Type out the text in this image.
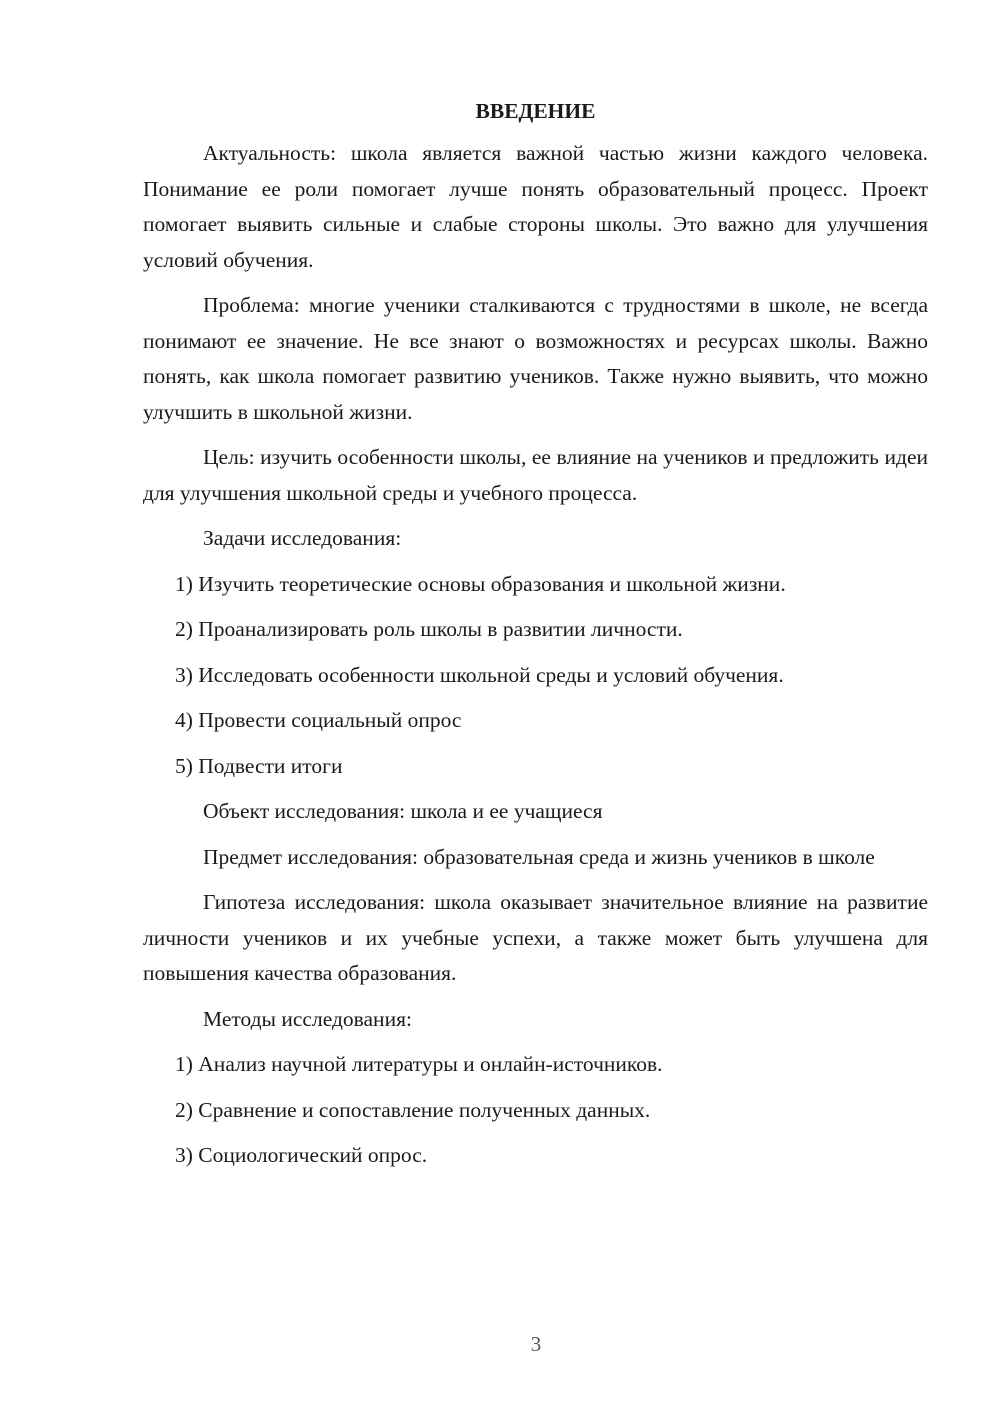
ВВЕДЕНИЕ

Актуальность: школа является важной частью жизни каждого человека. Понимание ее роли помогает лучше понять образовательный процесс. Проект помогает выявить сильные и слабые стороны школы. Это важно для улучшения условий обучения.

Проблема: многие ученики сталкиваются с трудностями в школе, не всегда понимают ее значение. Не все знают о возможностях и ресурсах школы. Важно понять, как школа помогает развитию учеников. Также нужно выявить, что можно улучшить в школьной жизни.

Цель: изучить особенности школы, ее влияние на учеников и предложить идеи для улучшения школьной среды и учебного процесса.

Задачи исследования:

1) Изучить теоретические основы образования и школьной жизни.
2) Проанализировать роль школы в развитии личности.
3) Исследовать особенности школьной среды и условий обучения.
4) Провести социальный опрос
5) Подвести итоги

Объект исследования: школа и ее учащиеся

Предмет исследования: образовательная среда и жизнь учеников в школе

Гипотеза исследования: школа оказывает значительное влияние на развитие личности учеников и их учебные успехи, а также может быть улучшена для повышения качества образования.

Методы исследования:

1) Анализ научной литературы и онлайн-источников.
2) Сравнение и сопоставление полученных данных.
3) Социологический опрос.
3
